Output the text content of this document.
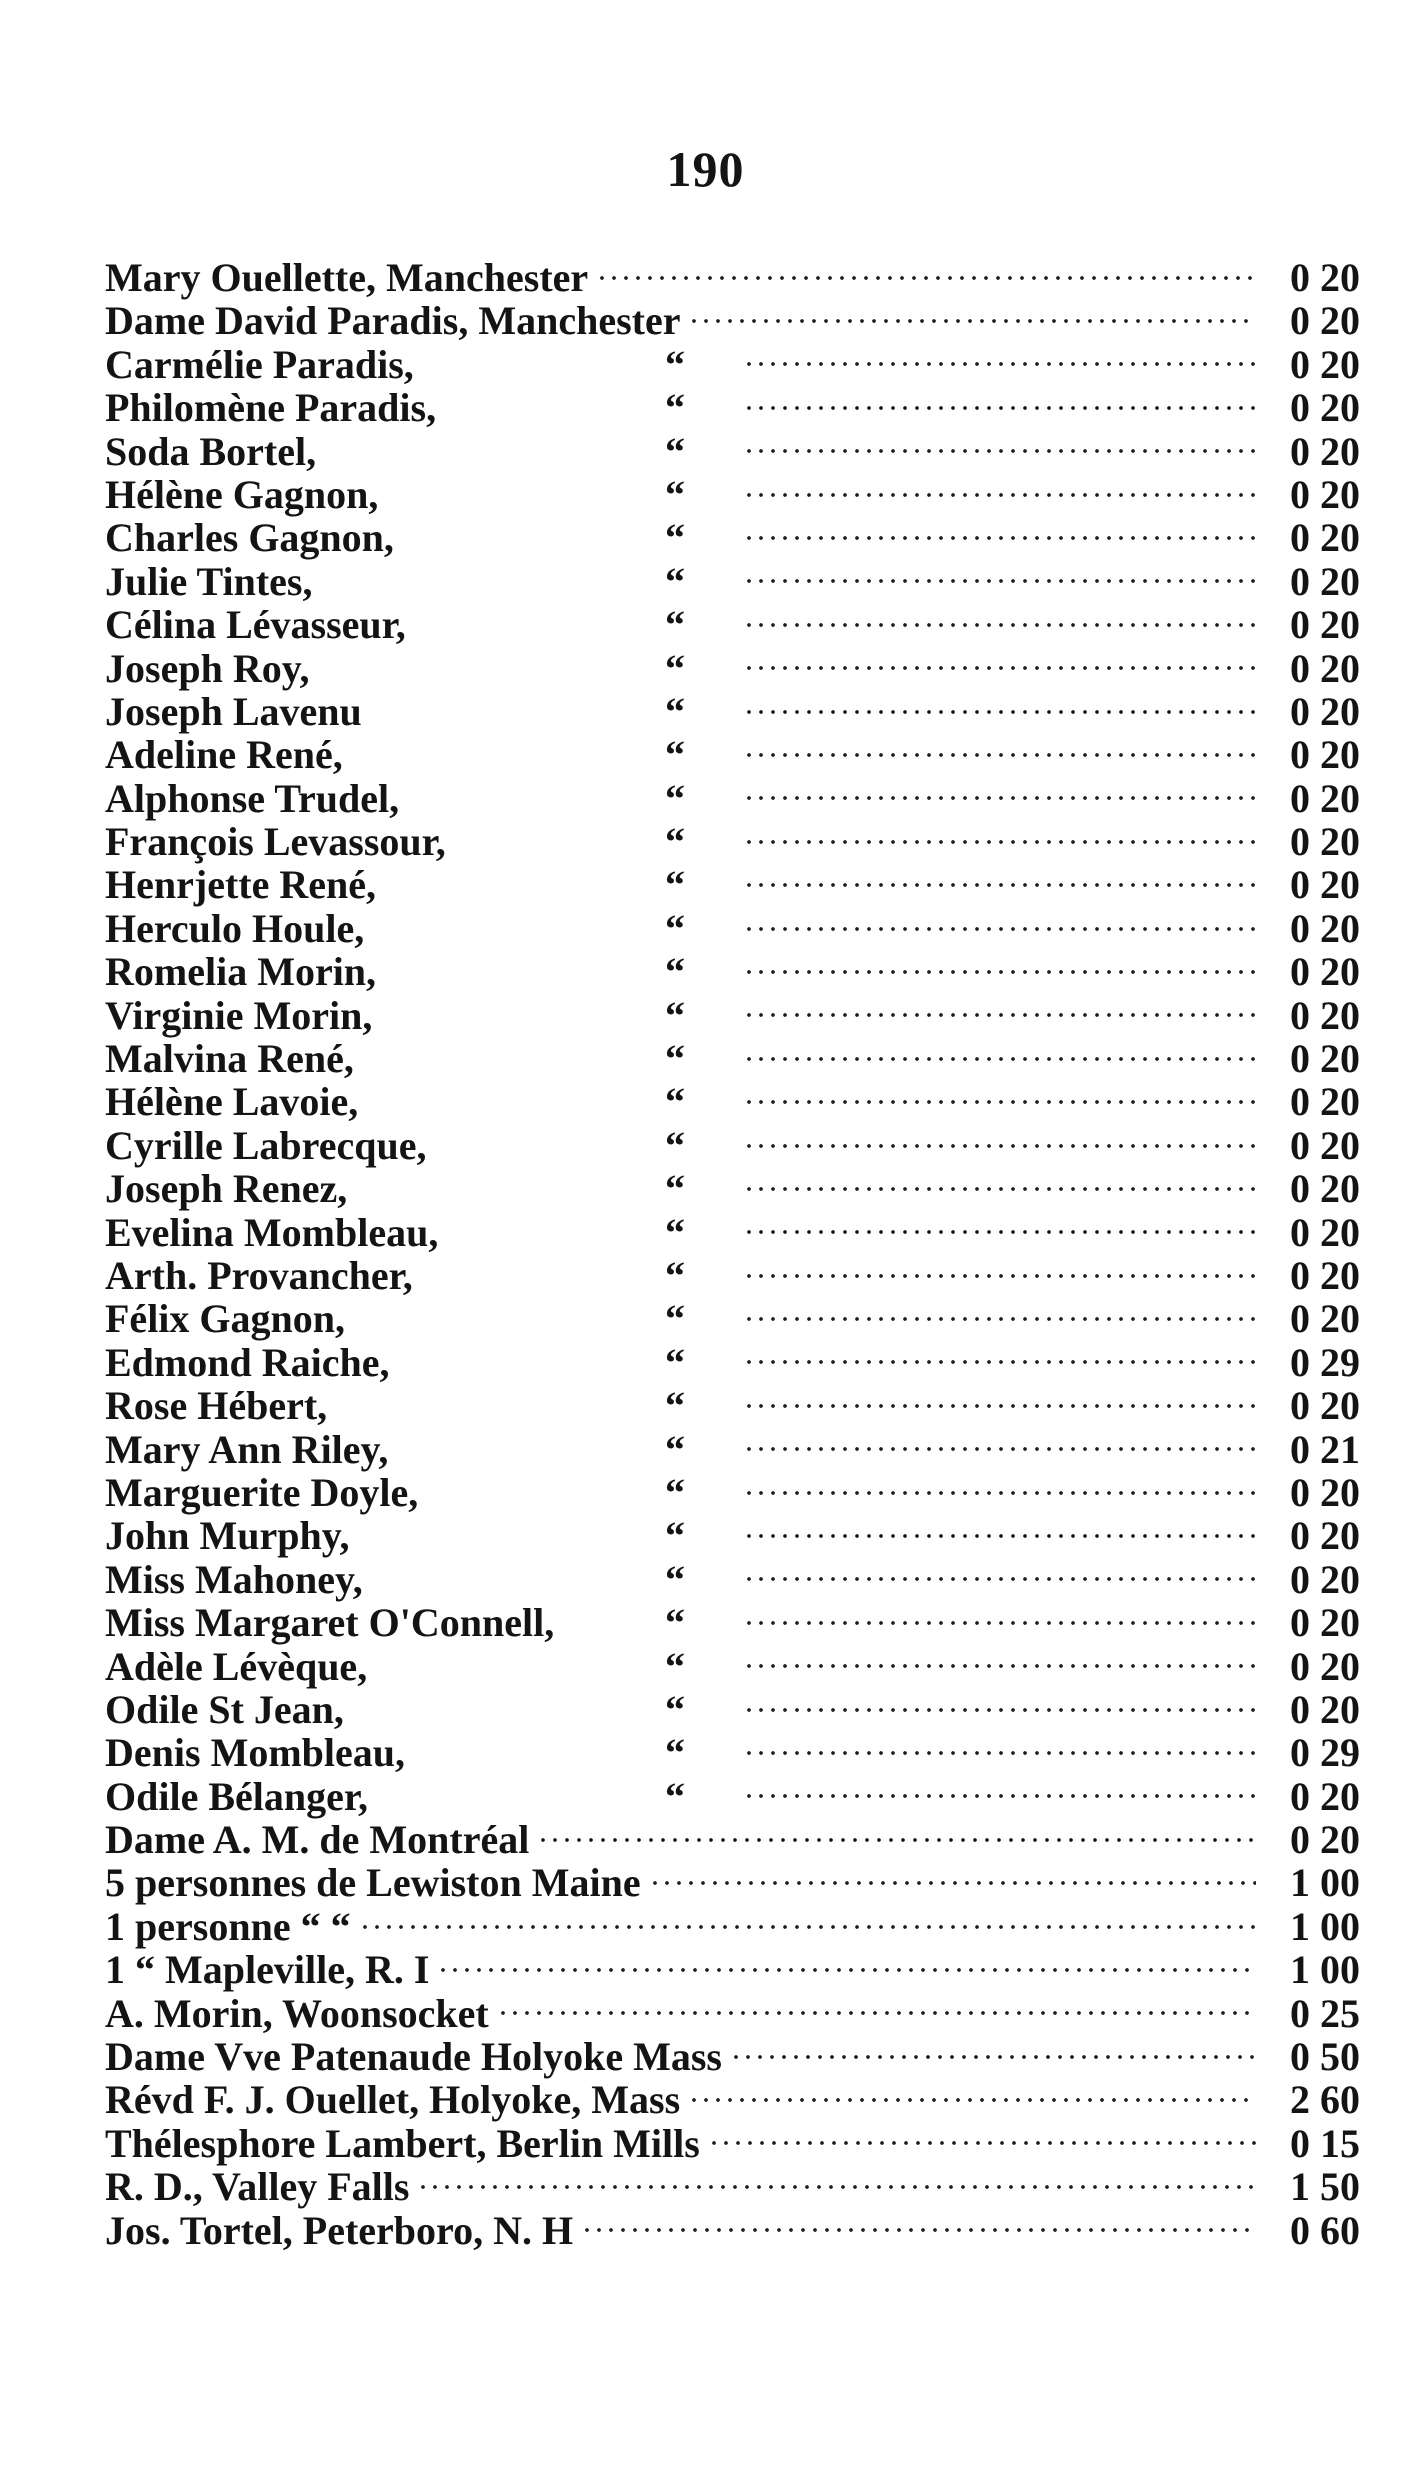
190
Mary Ouellette, Manchester	0 20
Dame David Paradis, Manchester	0 20
Carmélie Paradis,	“	0 20
Philomène Paradis,	“	0 20
Soda Bortel,	“	0 20
Hélène Gagnon,	“	0 20
Charles Gagnon,	“	0 20
Julie Tintes,	“	0 20
Célina Lévasseur,	“	0 20
Joseph Roy,	“	0 20
Joseph Lavenu	“	0 20
Adeline René,	“	0 20
Alphonse Trudel,	“	0 20
François Levassour,	“	0 20
Henrjette René,	“	0 20
Herculo Houle,	“	0 20
Romelia Morin,	“	0 20
Virginie Morin,	“	0 20
Malvina René,	“	0 20
Hélène Lavoie,	“	0 20
Cyrille Labrecque,	“	0 20
Joseph Renez,	“	0 20
Evelina Mombleau,	“	0 20
Arth. Provancher,	“	0 20
Félix Gagnon,	“	0 20
Edmond Raiche,	“	0 29
Rose Hébert,	“	0 20
Mary Ann Riley,	“	0 21
Marguerite Doyle,	“	0 20
John Murphy,	“	0 20
Miss Mahoney,	“	0 20
Miss Margaret O'Connell,	“	0 20
Adèle Lévèque,	“	0 20
Odile St Jean,	“	0 20
Denis Mombleau,	“	0 29
Odile Bélanger,	“	0 20
Dame A. M. de Montréal	0 20
5 personnes de Lewiston Maine	1 00
1 personne “ “	1 00
1 “ Mapleville, R. I	1 00
A. Morin, Woonsocket	0 25
Dame Vve Patenaude Holyoke Mass	0 50
Révd F. J. Ouellet, Holyoke, Mass	2 60
Thélesphore Lambert, Berlin Mills	0 15
R. D., Valley Falls	1 50
Jos. Tortel, Peterboro, N. H	0 60
